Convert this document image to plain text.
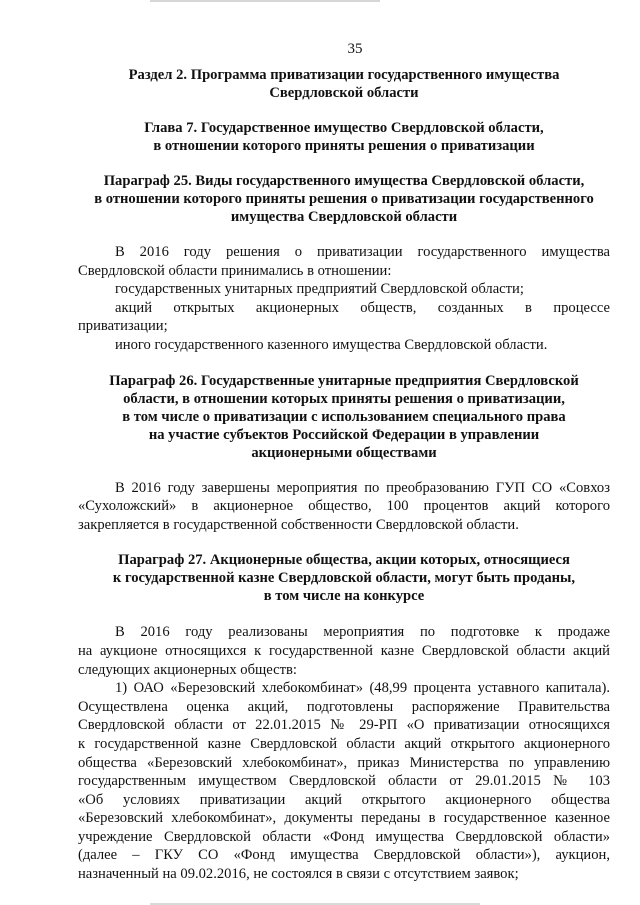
35
Раздел 2. Программа приватизации государственного имущества
Свердловской области
Глава 7. Государственное имущество Свердловской области,
в отношении которого приняты решения о приватизации
Параграф 25. Виды государственного имущества Свердловской области,
в отношении которого приняты решения о приватизации государственного
имущества Свердловской области
В 2016 году решения о приватизации государственного имущества
Свердловской области принимались в отношении:
государственных унитарных предприятий Свердловской области;
акций открытых акционерных обществ, созданных в процессе
приватизации;
иного государственного казенного имущества Свердловской области.
Параграф 26. Государственные унитарные предприятия Свердловской
области, в отношении которых приняты решения о приватизации,
в том числе о приватизации с использованием специального права
на участие субъектов Российской Федерации в управлении
акционерными обществами
В 2016 году завершены мероприятия по преобразованию ГУП СО «Совхоз
«Сухоложский» в акционерное общество, 100 процентов акций которого
закрепляется в государственной собственности Свердловской области.
Параграф 27. Акционерные общества, акции которых, относящиеся
к государственной казне Свердловской области, могут быть проданы,
в том числе на конкурсе
В 2016 году реализованы мероприятия по подготовке к продаже
на аукционе относящихся к государственной казне Свердловской области акций
следующих акционерных обществ:
1) ОАО «Березовский хлебокомбинат» (48,99 процента уставного капитала).
Осуществлена оценка акций, подготовлены распоряжение Правительства
Свердловской области от 22.01.2015 № 29-РП «О приватизации относящихся
к государственной казне Свердловской области акций открытого акционерного
общества «Березовский хлебокомбинат», приказ Министерства по управлению
государственным имуществом Свердловской области от 29.01.2015 № 103
«Об условиях приватизации акций открытого акционерного общества
«Березовский хлебокомбинат», документы переданы в государственное казенное
учреждение Свердловской области «Фонд имущества Свердловской области»
(далее – ГКУ СО «Фонд имущества Свердловской области»), аукцион,
назначенный на 09.02.2016, не состоялся в связи с отсутствием заявок;
